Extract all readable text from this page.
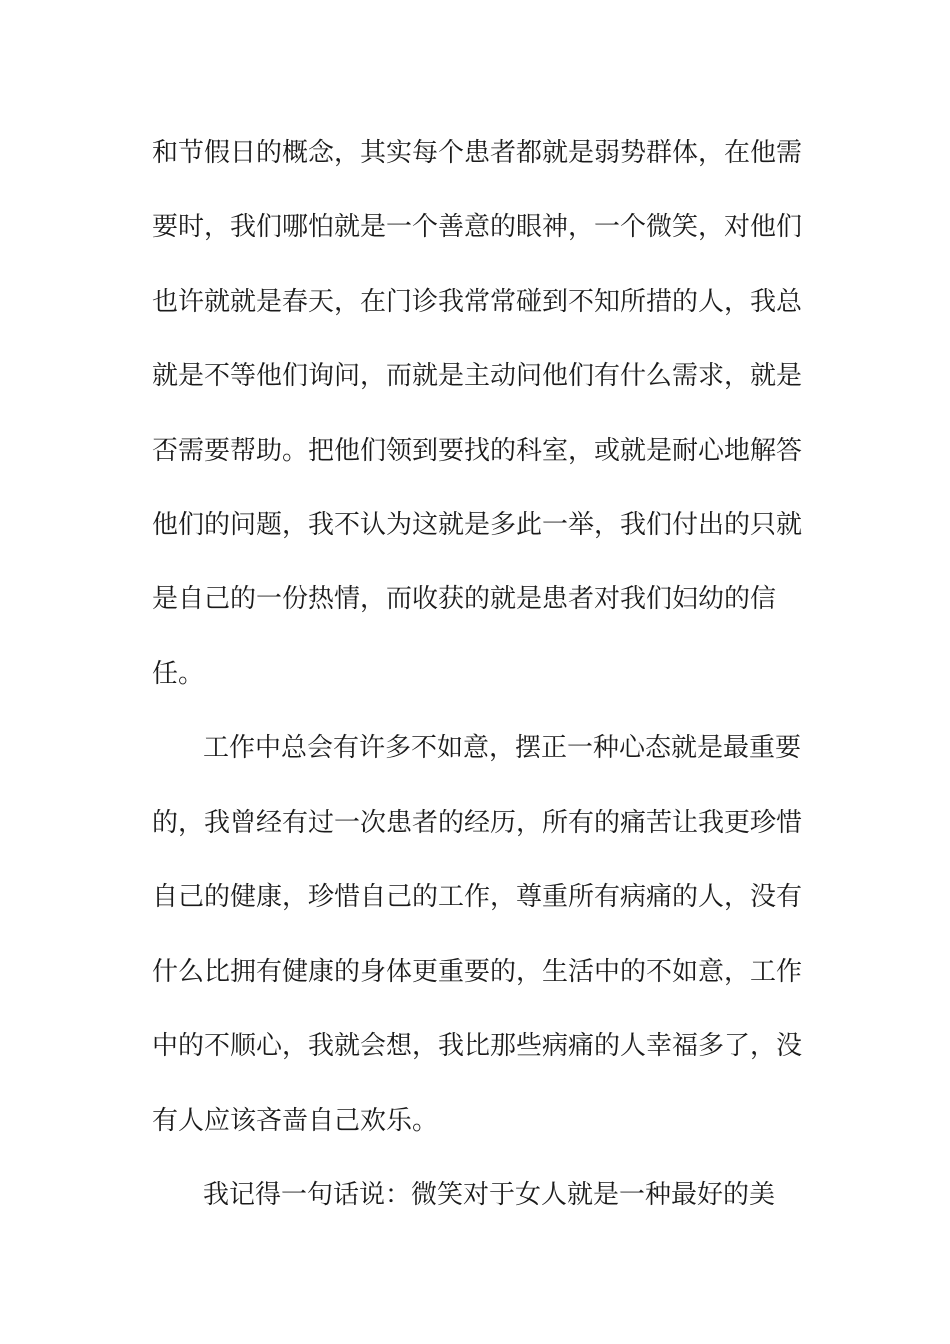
和节假日的概念，其实每个患者都就是弱势群体，在他需
要时，我们哪怕就是一个善意的眼神，一个微笑，对他们
也许就就是春天，在门诊我常常碰到不知所措的人，我总
就是不等他们询问，而就是主动问他们有什么需求，就是
否需要帮助。把他们领到要找的科室，或就是耐心地解答
他们的问题，我不认为这就是多此一举，我们付出的只就
是自己的一份热情，而收获的就是患者对我们妇幼的信
任。
工作中总会有许多不如意，摆正一种心态就是最重要
的，我曾经有过一次患者的经历，所有的痛苦让我更珍惜
自己的健康，珍惜自己的工作，尊重所有病痛的人，没有
什么比拥有健康的身体更重要的，生活中的不如意，工作
中的不顺心，我就会想，我比那些病痛的人幸福多了，没
有人应该吝啬自己欢乐。
我记得一句话说：微笑对于女人就是一种最好的美
